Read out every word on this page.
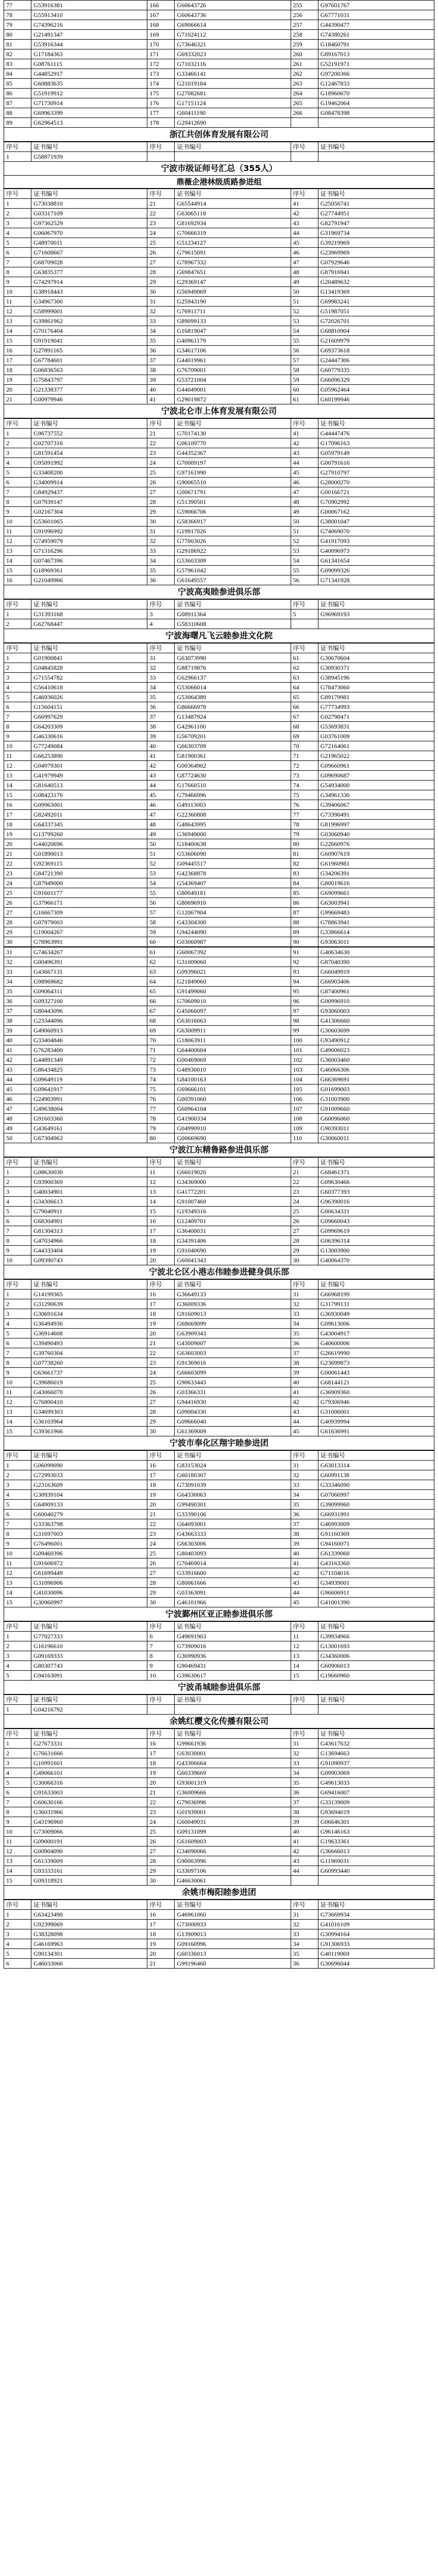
77	G53916381	166	G60643726	255	G97601767
78	G55913410	167	G60643736	256	G67771031
79	G74396216	168	G69066614	257	G44390477
80	G21491347	169	G71024112	258	G74380261
81	G53916344	170	G73646321	259	G18460791
82	G17184363	171	G69332023	260	G89167013
83	G08761115	172	G71032116	261	G52191971
84	G44852917	173	G33466141	262	G97200366
85	G60883635	174	G21019184	263	G12467833
86	G51919912	175	G27082681	264	G18960670
87	G71730914	176	G17151124	265	G19462064
88	G69963399	177	G60411190	266	G08478398
89	G62964513	178	G29412690		
浙江共创体育发展有限公司
序号	证书编号	序号	证书编号	序号	证书编号
1	G58871939				
宁波市级证师号汇总（355人）
鼎薇企港林级质路参进组
序号	证书编号	序号	证书编号	序号	证书编号
1	G73038810	21	G65544914	41	G25056741
2	G03317109	22	G63065118	42	G27744951
3	G97362529	23	G81692934	43	G82791947
4	G06067970	24	G70666319	44	G31969734
5	G48970011	25	G51234127	45	G39219969
6	G71608667	26	G79615091	46	G23969969
7	G68709028	27	G78967332	47	G07929646
8	G63835377	28	G69847651	48	G87916941
9	G74297914	29	G29369147	49	G20489632
10	G38918443	30	G56949069	50	G13419369
11	G34967300	31	G25943190	51	G69983241
12	G58999001	32	G76911711	52	G51987051
13	G39861962	33	G89099133	53	G72026701
14	G70176404	34	G16819047	54	G68810904
15	G91919041	35	G40961179	55	G21609979
16	G27891165	36	G34617106	56	G69373618
17	G67784601	37	G44019961	57	G24447306
18	G06836563	38	G76709001	58	G60779335
19	G75843797	39	G53721004	59	G66096329
20	G21338377	40	G44049001	60	G05962464
21	G00979946	41	G29019872	61	G60199946
宁波北仑市上体育发展有限公司
序号	证书编号	序号	证书编号	序号	证书编号
1	G96737552	21	G70174130	41	G44447476
2	G02707316	22	G06109770	42	G17096163
3	G81591454	23	G44352367	43	G05979149
4	G95091992	24	G70009197	44	G00791616
5	G33408200	25	G97161990	45	G27910797
6	G34009914	26	G90065510	46	G28000270
7	G84929437	27	G00671791	47	G00166721
8	G07939147	28	G51390501	48	G70902992
9	G02167304	29	G59066706	49	G00067162
10	G53601065	30	G58366917	50	G38001047
11	G91096992	31	G19917026	51	G74069070
12	G74959079	32	G77003026	52	G41917093
13	G71316296	33	G29186922	53	G40096973
14	G07467396	34	G53603309	54	G61341654
15	G18969361	35	G57961042	55	G09099326
16	G21049966	36	G61649557	56	G71341928
宁波高夷睦参进俱乐部
序号	证书编号	序号	证书编号	序号	证书编号
1	G31393168	3	G08911364	5	G96969193
2	G62768447	4	G58310608		
宁波海曙凡飞云睦参进文化院
序号	证书编号	序号	证书编号	序号	证书编号
1	G01900841	31	G63073990	61	G30670604
2	G04845828	32	G88719876	62	G30930371
3	G71554782	33	G62966137	63	G38945196
4	G56410618	34	G53066014	64	G78473060
5	G46936026	35	G53064389	65	G89179981
6	G15604151	36	G86666978	66	G77734993
7	G66997629	37	G13487924	67	G02798471
8	G64203309	38	G42961100	68	G53693831
9	G46330616	39	G56709201	69	G03761009
10	G77249084	40	G66303709	70	G72164061
11	G66253890	41	G81900361	71	G21965022
12	G04979301	42	G00364902	72	G09660961
13	G41979949	43	G87724630	73	G09690687
14	G81640513	44	G17660510	74	G54934000
15	G08423176	45	G79466996	75	G34961330
16	G09963001	46	G49113003	76	G39406067
17	G82492011	47	G22360808	77	G73390491
18	G64337345	48	G48643995	78	G81996997
19	G13799260	49	G36949000	79	G03060940
20	G44020696	50	G18400638	80	G22660976
21	G01890013	51	G53606090	81	G60907619
22	G92369115	52	G09445517	82	G61960981
23	G84721390	53	G42368878	83	G34206391
24	G87949000	54	G54369407	84	G80019616
25	G91601177	55	G80049181	85	G69099661
26	G37966171	56	G80696910	86	G63003941
27	G16667309	57	G12067904	87	G99669483
28	G07979003	58	G43304300	88	G78863941
29	G19004267	59	G94244090	89	G33866614
30	G78963991	60	G03060987	90	G93063011
31	G74634267	61	G60067392	91	G40634630
32	G00496391	62	G31009060	92	G87040390
33	G43667131	63	G09396021	93	G66049919
34	G98969682	64	G21849060	94	G66903406
35	G09064311	65	G91499060	95	G87400961
36	G09327100	66	G70609010	96	G00996910
37	G80443096	67	G45066097	97	G93060003
38	G23344096	68	G63016063	98	G41306660
39	G49060913	69	G63009911	99	G30603699
40	G33404846	70	G18063911	100	G93490912
41	G76283400	71	G64400604	101	G49006023
42	G44891349	72	G00469069	102	G36003460
43	G86434825	73	G48930010	103	G46066306
44	G09649119	74	G84100163	104	G66369691
45	G09641917	75	G69666101	105	G01699003
46	G24903991	76	G00391060	106	G31003900
47	G49638004	77	G60964104	107	G91009660
48	G91603360	78	G41900334	108	G60096060
49	G43649161	79	G04990910	109	G90393011
50	G67304963	80	G00669690	110	G30060011
宁波江东精鲁路参进俱乐部
序号	证书编号	序号	证书编号	序号	证书编号
1	G08630030	11	G66019020	21	G68461371
2	G93900369	12	G34369000	22	G09630466
3	G40034901	13	G41772201	23	G60377393
4	G34306613	14	G91007460	24	G96390016
5	G79040911	15	G19349316	25	G00634331
6	G68304901	16	G12409701	26	G09660043
7	G81304313	17	G36400031	27	G09969619
8	G47034966	18	G34391406	28	G06396314
9	G44333404	19	G91040690	29	G13003900
10	G09390743	20	G60041343	30	G40064370
宁波北仑区小港志伟睦参进健身俱乐部
序号	证书编号	序号	证书编号	序号	证书编号
1	G14199365	16	G36649133	31	G66968199
2	G31290639	17	G36009336	32	G31799131
3	G30691634	18	G91609013	33	G36930049
4	G36494936	19	G68669099	34	G09613006
5	G36914608	20	G63909343	35	G43004917
6	G39490493	21	G43009007	36	G40600006
7	G39760304	22	G63603003	37	G26619990
8	G07738260	23	G91369016	38	G23699873
9	G63661737	24	G66603099	39	G00061443
10	G39686019	25	G90633443	40	G68144121
11	G43066070	26	G03366331	41	G36909360
12	G76800410	27	G94416930	42	G79306946
13	G34699303	28	G09004330	43	G31006001
14	G36103964	29	G09666040	44	G40939994
15	G39361966	30	G61369009	45	G61636991
宁波市奉化区翔宇睦参进团
序号	证书编号	序号	证书编号	序号	证书编号
1	G06099090	16	G83153024	31	G63013314
2	G72993033	17	G60180307	32	G60991138
3	G23163609	18	G73091039	33	G33346090
4	G30939104	19	G64330063	34	G07066997
5	G64909133	20	G99490301	35	G39099960
6	G60040279	21	G33390106	36	G66931991
7	G33363798	22	G64093001	37	G46993009
8	G31697003	23	G43663333	38	G91160369
9	G76496001	24	G66303006	39	G94160071
10	G09460396	25	G80403093	40	G61339060
11	G91606972	26	G70469014	41	G43163360
12	G61699449	27	G33916600	42	G71104016
13	G31096906	28	G80061666	43	G34939001
14	G41030096	29	G03363091	44	G96606911
15	G30960997	30	G46101966	45	G41001390
宁波鄞州区亚正睦参进俱乐部
序号	证书编号	序号	证书编号	序号	证书编号
1	G77027333	6	G49691903	11	G39934966
2	G16196610	7	G73909016	12	G13001693
3	G09169333	8	G36990936	13	G34360006
4	G80307743	9	G90469431	14	G60906013
5	G94163091	10	G39630617	15	G19660960
宁波甬城睦参进俱乐部
序号	证书编号	序号	证书编号	序号	证书编号
1	G04216792				
余姚红樱文化传播有限公司
序号	证书编号	序号	证书编号	序号	证书编号
1	G27673331	16	G99661936	31	G43617632
2	G76631666	17	G63030001	32	G13694663
3	G10991601	18	G43306664	33	G91090937
4	G49066101	19	G60339669	34	G09903069
5	G30066316	20	G93001319	35	G49613033
6	G91633003	21	G36009666	36	G69416007
7	G60630166	22	G79036996	37	G33139009
8	G36031966	23	G01939001	38	G93694019
9	G43196960	24	G60049031	39	G06646301
10	G73009066	25	G09131099	40	G96146163
11	G09000191	26	G61609003	41	G19633361
12	G00904090	27	G34090066	42	G36666013
13	G61339009	28	G90003996	43	G11969031
14	G93333161	29	G33097106	44	G60993440
15	G09318921	30	G46630061		
余姚市梅阳睦参进团
序号	证书编号	序号	证书编号	序号	证书编号
1	G63423490	16	G46961060	31	G73669934
2	G92399069	17	G73000933	32	G41016109
3	G38328098	18	G13909013	33	G30994164
4	G46169963	19	G09160996	34	G91306933
5	G90134301	20	G60336013	35	G40119069
6	G46033066	21	G99196460	36	G30696044
